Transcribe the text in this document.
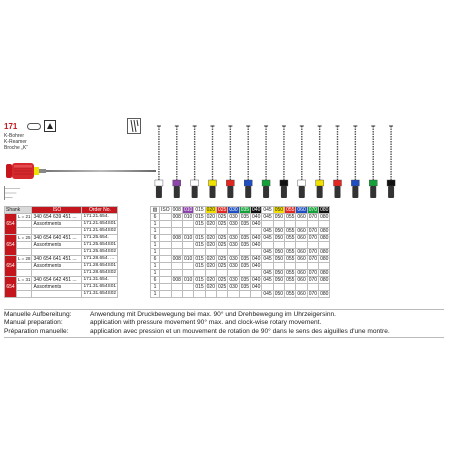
171
K-Bohrer
K-Reamer
Broche „K“
Shank		ISO	Order No.
654	L = 21	340 654 639 451 ...	171.21.654.
		Assortments	171.21.654S01
			171.21.654S02
654	L = 25	340 654 640 451 ...	171.25.654.
		Assortments	171.25.654S01
			171.25.654S02
654	L = 28	340 654 641 451 ...	171.28.654. ...
		Assortments	171.28.654S01
			171.28.654S02
654	L = 31	340 654 642 451 ...	171.31.654.
		Assortments	171.31.654S01
			171.31.654S02
▨	ISO	008	010	015	020	025	030	035	040	045	050	055	060	070	080
6		008	010	015	020	025	030	035	040	045	050	055	060	070	080
1				015	020	025	030	035	040						
1										045	050	055	060	070	080
6		008	010	015	020	025	030	035	040	045	050	055	060	070	080
1				015	020	025	030	035	040						
1										045	050	055	060	070	080
6		008	010	015	020	025	030	035	040	045	050	055	060	070	080
1				015	020	025	030	035	040						
1										045	050	055	060	070	080
6		008	010	015	020	025	030	035	040	045	050	055	060	070	080
1				015	020	025	030	035	040						
1										045	050	055	060	070	080
Manuelle Aufbereitung:	Anwendung mit Druckbewegung bei max. 90° und Drehbewegung im Uhrzeigersinn.
Manual preparation:	application with pressure movement 90° max. and clock-wise rotary movement.
Préparation manuelle:	application avec pression et un mouvement de rotation de 90° dans le sens des aiguilles d'une montre.
